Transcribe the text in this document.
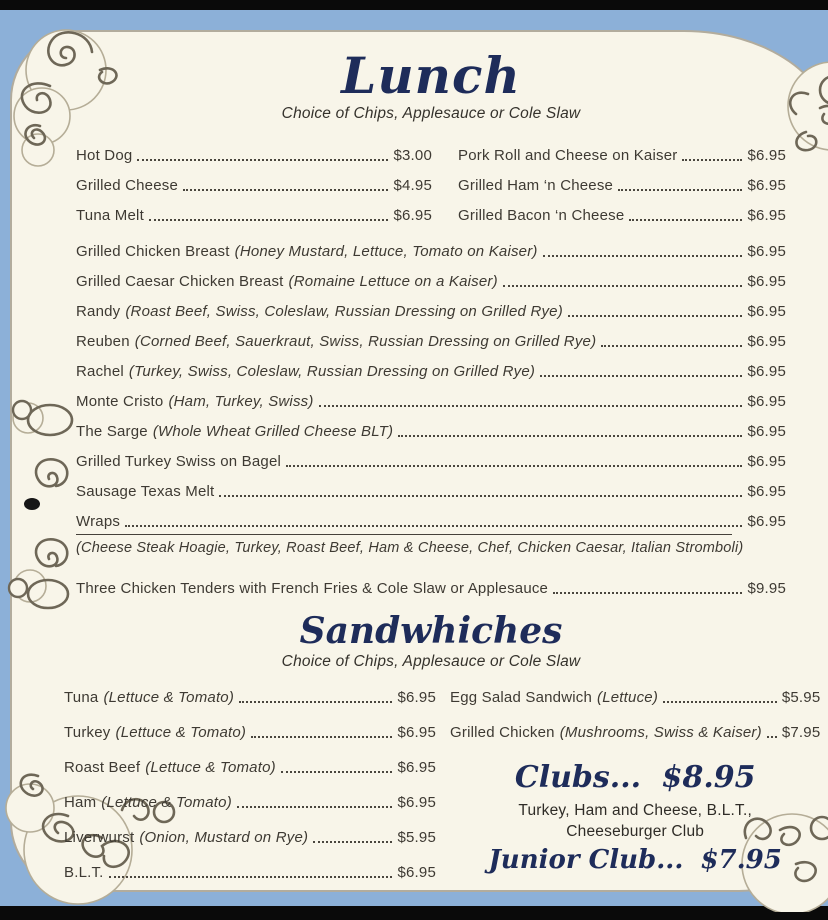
Lunch
Choice of Chips, Applesauce or Cole Slaw
Hot Dog	$3.00
Grilled Cheese	$4.95
Tuna Melt	$6.95
Pork Roll and Cheese on Kaiser	$6.95
Grilled Ham ‘n Cheese	$6.95
Grilled Bacon ‘n Cheese	$6.95
Grilled Chicken Breast (Honey Mustard, Lettuce, Tomato on Kaiser)	$6.95
Grilled Caesar Chicken Breast (Romaine Lettuce on a Kaiser)	$6.95
Randy (Roast Beef, Swiss, Coleslaw, Russian Dressing on Grilled Rye)	$6.95
Reuben (Corned Beef, Sauerkraut, Swiss, Russian Dressing on Grilled Rye)	$6.95
Rachel (Turkey, Swiss, Coleslaw, Russian Dressing on Grilled Rye)	$6.95
Monte Cristo (Ham, Turkey, Swiss)	$6.95
The Sarge (Whole Wheat Grilled Cheese BLT)	$6.95
Grilled Turkey Swiss on Bagel	$6.95
Sausage Texas Melt	$6.95
Wraps	$6.95
(Cheese Steak Hoagie, Turkey, Roast Beef, Ham & Cheese, Chef, Chicken Caesar, Italian Stromboli)
Three Chicken Tenders with French Fries & Cole Slaw or Applesauce	$9.95
Sandwhiches
Choice of Chips, Applesauce or Cole Slaw
Tuna (Lettuce & Tomato)	$6.95
Turkey (Lettuce & Tomato)	$6.95
Roast Beef (Lettuce & Tomato)	$6.95
Ham (Lettuce & Tomato)	$6.95
Liverwurst (Onion, Mustard on Rye)	$5.95
B.L.T.	$6.95
Egg Salad Sandwich (Lettuce)	$5.95
Grilled Chicken (Mushrooms, Swiss & Kaiser) $7.95
Clubs... $8.95
Turkey, Ham and Cheese, B.L.T.,
Cheeseburger Club
Junior Club... $7.95
